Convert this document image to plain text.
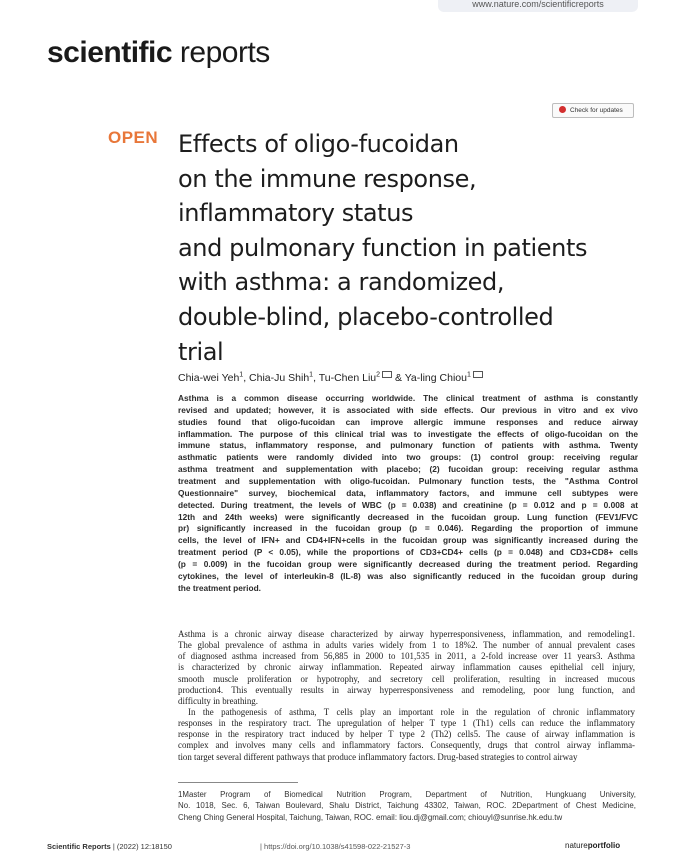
www.nature.com/scientificreports
scientific reports
Check for updates
OPEN Effects of oligo-fucoidan
on the immune response,
inflammatory status
and pulmonary function in patients
with asthma: a randomized,
double-blind, placebo-controlled
trial
Chia-wei Yeh$^1$, Chia-Ju Shih$^1$, Tu-Chen Liu$^2$ & Ya-ling Chiou$^1$
Asthma is a common disease occurring worldwide. The clinical treatment of asthma is constantly
revised and updated; however, it is associated with side effects. Our previous in vitro and ex vivo
studies found that oligo-fucoidan can improve allergic immune responses and reduce airway
inflammation. The purpose of this clinical trial was to investigate the effects of oligo-fucoidan on the
immune status, inflammatory response, and pulmonary function of patients with asthma. Twenty
asthmatic patients were randomly divided into two groups: (1) control group: receiving regular
asthma treatment and supplementation with placebo; (2) fucoidan group: receiving regular asthma
treatment and supplementation with oligo-fucoidan. Pulmonary function tests, the "Asthma Control
Questionnaire" survey, biochemical data, inflammatory factors, and immune cell subtypes were
detected. During treatment, the levels of WBC (p = 0.038) and creatinine (p = 0.012 and p = 0.008 at
12th and 24th weeks) were significantly decreased in the fucoidan group. Lung function (FEV1/FVC
pr) significantly increased in the fucoidan group (p = 0.046). Regarding the proportion of immune
cells, the level of IFN+ and CD4+IFN+cells in the fucoidan group was significantly increased during the
treatment period (P < 0.05), while the proportions of CD3+CD4+ cells (p = 0.048) and CD3+CD8+ cells
(p = 0.009) in the fucoidan group were significantly decreased during the treatment period. Regarding
cytokines, the level of interleukin-8 (IL-8) was also significantly reduced in the fucoidan group during
the treatment period.
Asthma is a chronic airway disease characterized by airway hyperresponsiveness, inflammation, and remodeling1.
The global prevalence of asthma in adults varies widely from 1 to 18%2. The number of annual prevalent cases
of diagnosed asthma increased from 56,885 in 2000 to 101,535 in 2011, a 2-fold increase over 11 years3. Asthma
is characterized by chronic airway inflammation. Repeated airway inflammation causes epithelial cell injury,
smooth muscle proliferation or hypotrophy, and secretory cell proliferation, resulting in increased mucous
production4. This eventually results in airway hyperresponsiveness and remodeling, poor lung function, and
difficulty in breathing.
In the pathogenesis of asthma, T cells play an important role in the regulation of chronic inflammatory
responses in the respiratory tract. The upregulation of helper T type 1 (Th1) cells can reduce the inflammatory
response in the respiratory tract induced by helper T type 2 (Th2) cells5. The cause of airway inflammation is
complex and involves many cells and inflammatory factors. Consequently, drugs that control airway inflamma-
tion target several different pathways that produce inflammatory factors. Drug-based strategies to control airway
1Master Program of Biomedical Nutrition Program, Department of Nutrition, Hungkuang University,
No. 1018, Sec. 6, Taiwan Boulevard, Shalu District, Taichung 43302, Taiwan, ROC. 2Department of Chest Medicine,
Cheng Ching General Hospital, Taichung, Taiwan, ROC. email: liou.dj@gmail.com; chiouyl@sunrise.hk.edu.tw
Scientific Reports | (2022) 12:18150	| https://doi.org/10.1038/s41598-022-21527-3	natureportfolio
